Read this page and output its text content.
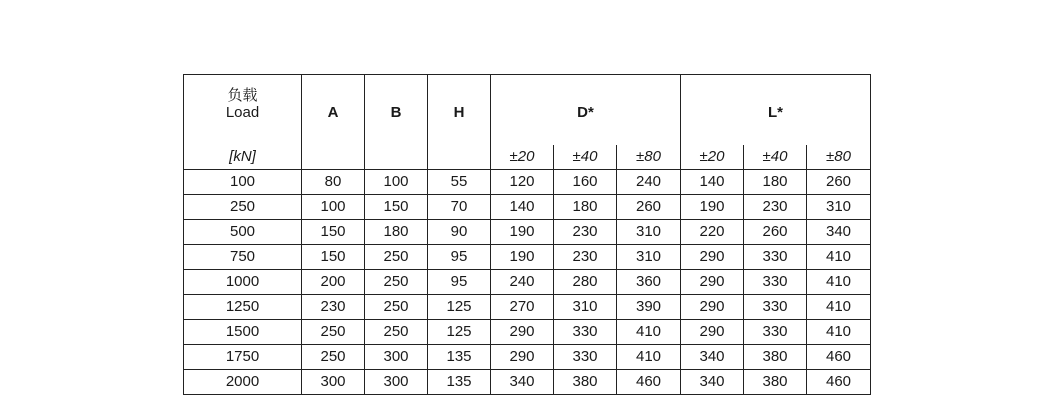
负载
Load	A	B	H	D*			L*		
[kN]				±20	±40	±80	±20	±40	±80
100	80	100	55	120	160	240	140	180	260
250	100	150	70	140	180	260	190	230	310
500	150	180	90	190	230	310	220	260	340
750	150	250	95	190	230	310	290	330	410
1000	200	250	95	240	280	360	290	330	410
1250	230	250	125	270	310	390	290	330	410
1500	250	250	125	290	330	410	290	330	410
1750	250	300	135	290	330	410	340	380	460
2000	300	300	135	340	380	460	340	380	460
